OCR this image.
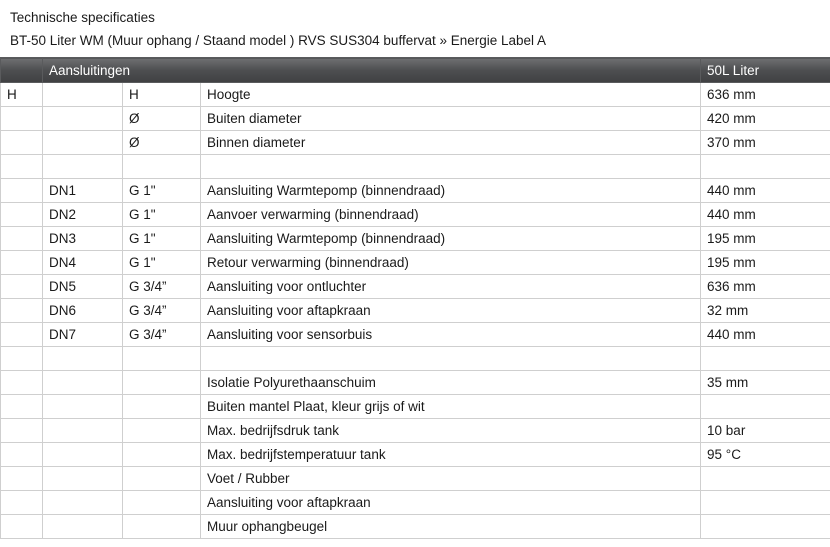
Technische specificaties
BT-50 Liter WM (Muur ophang / Staand model ) RVS SUS304 buffervat » Energie Label A
	Aansluitingen			50L Liter
H		H	Hoogte	636 mm
		Ø	Buiten diameter	420 mm
		Ø	Binnen diameter	370 mm

	DN1	G 1"	Aansluiting Warmtepomp (binnendraad)	440 mm
	DN2	G 1"	Aanvoer verwarming (binnendraad)	440 mm
	DN3	G 1"	Aansluiting Warmtepomp (binnendraad)	195 mm
	DN4	G 1"	Retour verwarming (binnendraad)	195 mm
	DN5	G 3/4”	Aansluiting voor ontluchter	636 mm
	DN6	G 3/4”	Aansluiting voor aftapkraan	32 mm
	DN7	G 3/4”	Aansluiting voor sensorbuis	440 mm

			Isolatie Polyurethaanschuim	35 mm
			Buiten mantel Plaat, kleur grijs of wit	
			Max. bedrijfsdruk tank	10 bar
			Max. bedrijfstemperatuur tank	95 °C
			Voet / Rubber	
			Aansluiting voor aftapkraan	
			Muur ophangbeugel	
